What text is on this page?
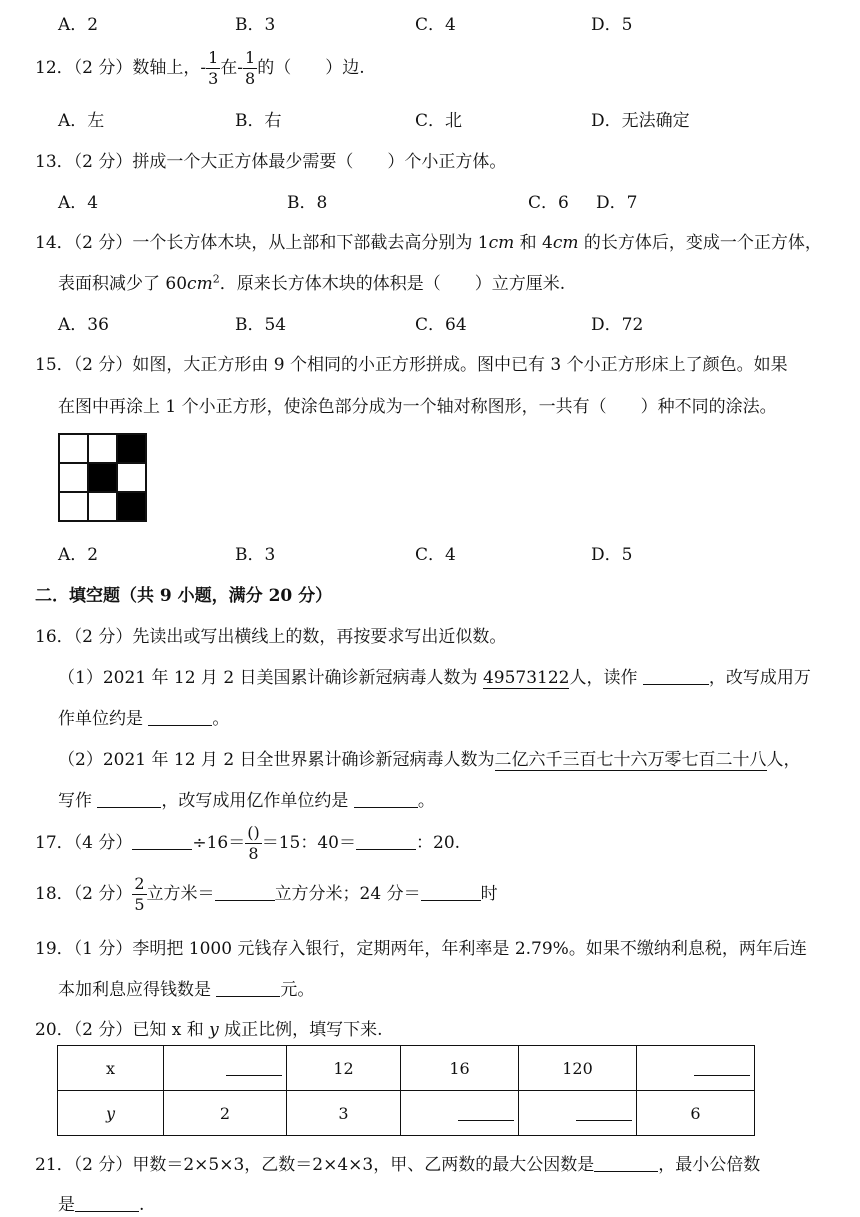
A．2	B．3	C．4	D．5
12．（2 分）数轴上，- $\frac{1}{3}$ 在- $\frac{1}{8}$ 的（　　）边.
A．左	B．右	C．北	D．无法确定
13．（2 分）拼成一个大正方体最少需要（　　）个小正方体。
A．4	B．8	C．6 D．7
14．（2 分）一个长方体木块，从上部和下部截去高分别为 1cm 和 4cm 的长方体后，变成一个正方体，
表面积减少了 $60cm^2$．原来长方体木块的体积是（　　）立方厘米.
A．36	B．54	C．64	D．72
15．（2 分）如图，大正方形由 9 个相同的小正方形拼成。图中已有 3 个小正方形床上了颜色。如果
在图中再涂上 1 个小正方形，使涂色部分成为一个轴对称图形，一共有（　　）种不同的涂法。

A．2	B．3	C．4	D．5
二．填空题（共 9 小题，满分 20 分）
16．（2 分）先读出或写出横线上的数，再按要求写出近似数。
（1）2021 年 12 月 2 日美国累计确诊新冠病毒人数为 49573122人，读作	，改写成用万
作单位约是	。
（2）2021 年 12 月 2 日全世界累计确诊新冠病毒人数为二亿六千三百七十六万零七百二十八人，
写作	，改写成用亿作单位约是	。
17．（4 分）	$\div 16= \frac{()}{8} =15$：40＝	：20.
18．（2 分） $\frac{2}{5}$ 立方米＝	立方分米；24 分＝	时
19．（1 分）李明把 1000 元钱存入银行，定期两年，年利率是 2.79%。如果不缴纳利息税，两年后连
本加利息应得钱数是	元。
20．（2 分）已知 x 和 y 成正比例，填写下来.
x		12	16	120	
y	2	3			6
21．（2 分）甲数＝2×5×3，乙数＝2×4×3，甲、乙两数的最大公因数是	，最小公倍数
是	.
